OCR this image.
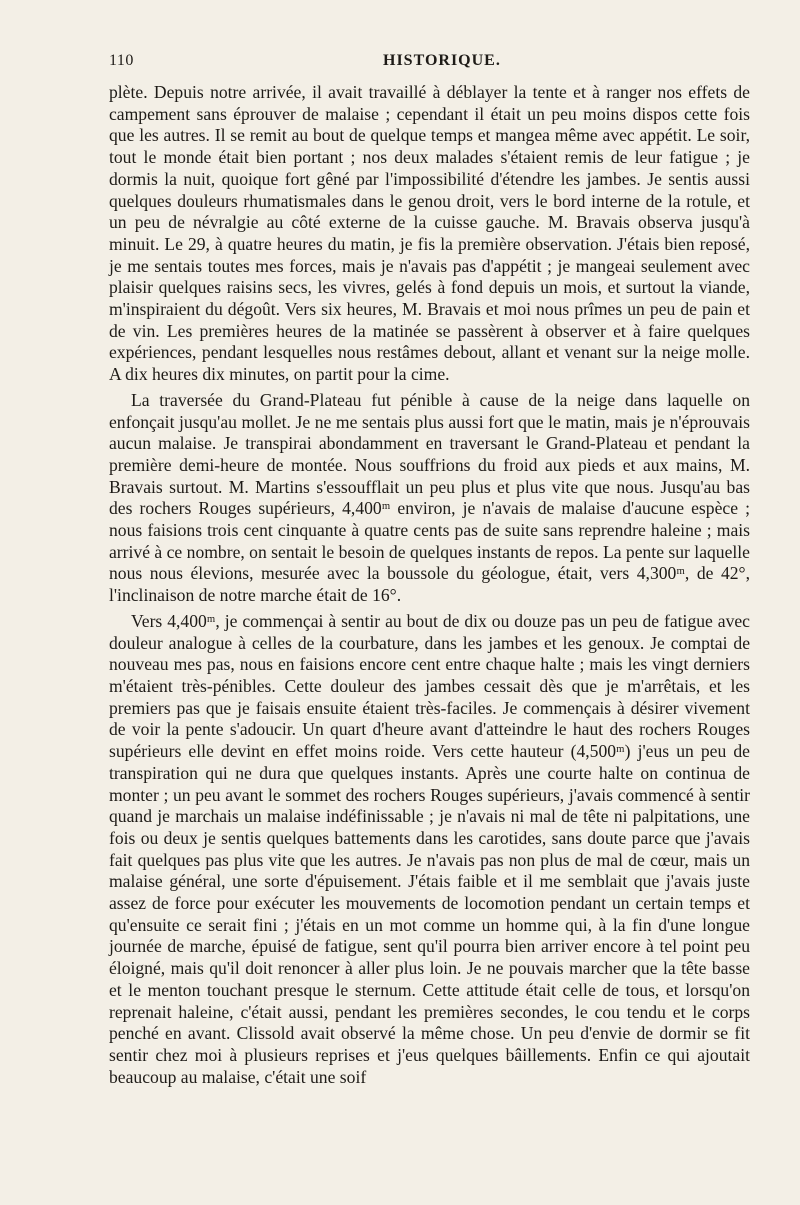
110	HISTORIQUE.

plète. Depuis notre arrivée, il avait travaillé à déblayer la tente et à ranger nos effets de campement sans éprouver de malaise ; cependant il était un peu moins dispos cette fois que les autres. Il se remit au bout de quelque temps et mangea même avec appétit. Le soir, tout le monde était bien portant ; nos deux malades s'étaient remis de leur fatigue ; je dormis la nuit, quoique fort gêné par l'impossibilité d'étendre les jambes. Je sentis aussi quelques douleurs rhumatismales dans le genou droit, vers le bord interne de la rotule, et un peu de névralgie au côté externe de la cuisse gauche. M. Bravais observa jusqu'à minuit. Le 29, à quatre heures du matin, je fis la première observation. J'étais bien reposé, je me sentais toutes mes forces, mais je n'avais pas d'appétit ; je mangeai seulement avec plaisir quelques raisins secs, les vivres, gelés à fond depuis un mois, et surtout la viande, m'inspiraient du dégoût. Vers six heures, M. Bravais et moi nous prîmes un peu de pain et de vin. Les premières heures de la matinée se passèrent à observer et à faire quelques expériences, pendant lesquelles nous restâmes debout, allant et venant sur la neige molle. A dix heures dix minutes, on partit pour la cime.

La traversée du Grand-Plateau fut pénible à cause de la neige dans laquelle on enfonçait jusqu'au mollet. Je ne me sentais plus aussi fort que le matin, mais je n'éprouvais aucun malaise. Je transpirai abondamment en traversant le Grand-Plateau et pendant la première demi-heure de montée. Nous souffrions du froid aux pieds et aux mains, M. Bravais surtout. M. Martins s'essoufflait un peu plus et plus vite que nous. Jusqu'au bas des rochers Rouges supérieurs, 4,400ᵐ environ, je n'avais de malaise d'aucune espèce ; nous faisions trois cent cinquante à quatre cents pas de suite sans reprendre haleine ; mais arrivé à ce nombre, on sentait le besoin de quelques instants de repos. La pente sur laquelle nous nous élevions, mesurée avec la boussole du géologue, était, vers 4,300ᵐ, de 42°, l'inclinaison de notre marche était de 16°.

Vers 4,400ᵐ, je commençai à sentir au bout de dix ou douze pas un peu de fatigue avec douleur analogue à celles de la courbature, dans les jambes et les genoux. Je comptai de nouveau mes pas, nous en faisions encore cent entre chaque halte ; mais les vingt derniers m'étaient très-pénibles. Cette douleur des jambes cessait dès que je m'arrêtais, et les premiers pas que je faisais ensuite étaient très-faciles. Je commençais à désirer vivement de voir la pente s'adoucir. Un quart d'heure avant d'atteindre le haut des rochers Rouges supérieurs elle devint en effet moins roide. Vers cette hauteur (4,500ᵐ) j'eus un peu de transpiration qui ne dura que quelques instants. Après une courte halte on continua de monter ; un peu avant le sommet des rochers Rouges supérieurs, j'avais commencé à sentir quand je marchais un malaise indéfinissable ; je n'avais ni mal de tête ni palpitations, une fois ou deux je sentis quelques battements dans les carotides, sans doute parce que j'avais fait quelques pas plus vite que les autres. Je n'avais pas non plus de mal de cœur, mais un malaise général, une sorte d'épuisement. J'étais faible et il me semblait que j'avais juste assez de force pour exécuter les mouvements de locomotion pendant un certain temps et qu'ensuite ce serait fini ; j'étais en un mot comme un homme qui, à la fin d'une longue journée de marche, épuisé de fatigue, sent qu'il pourra bien arriver encore à tel point peu éloigné, mais qu'il doit renoncer à aller plus loin. Je ne pouvais marcher que la tête basse et le menton touchant presque le sternum. Cette attitude était celle de tous, et lorsqu'on reprenait haleine, c'était aussi, pendant les premières secondes, le cou tendu et le corps penché en avant. Clissold avait observé la même chose. Un peu d'envie de dormir se fit sentir chez moi à plusieurs reprises et j'eus quelques bâillements. Enfin ce qui ajoutait beaucoup au malaise, c'était une soif
